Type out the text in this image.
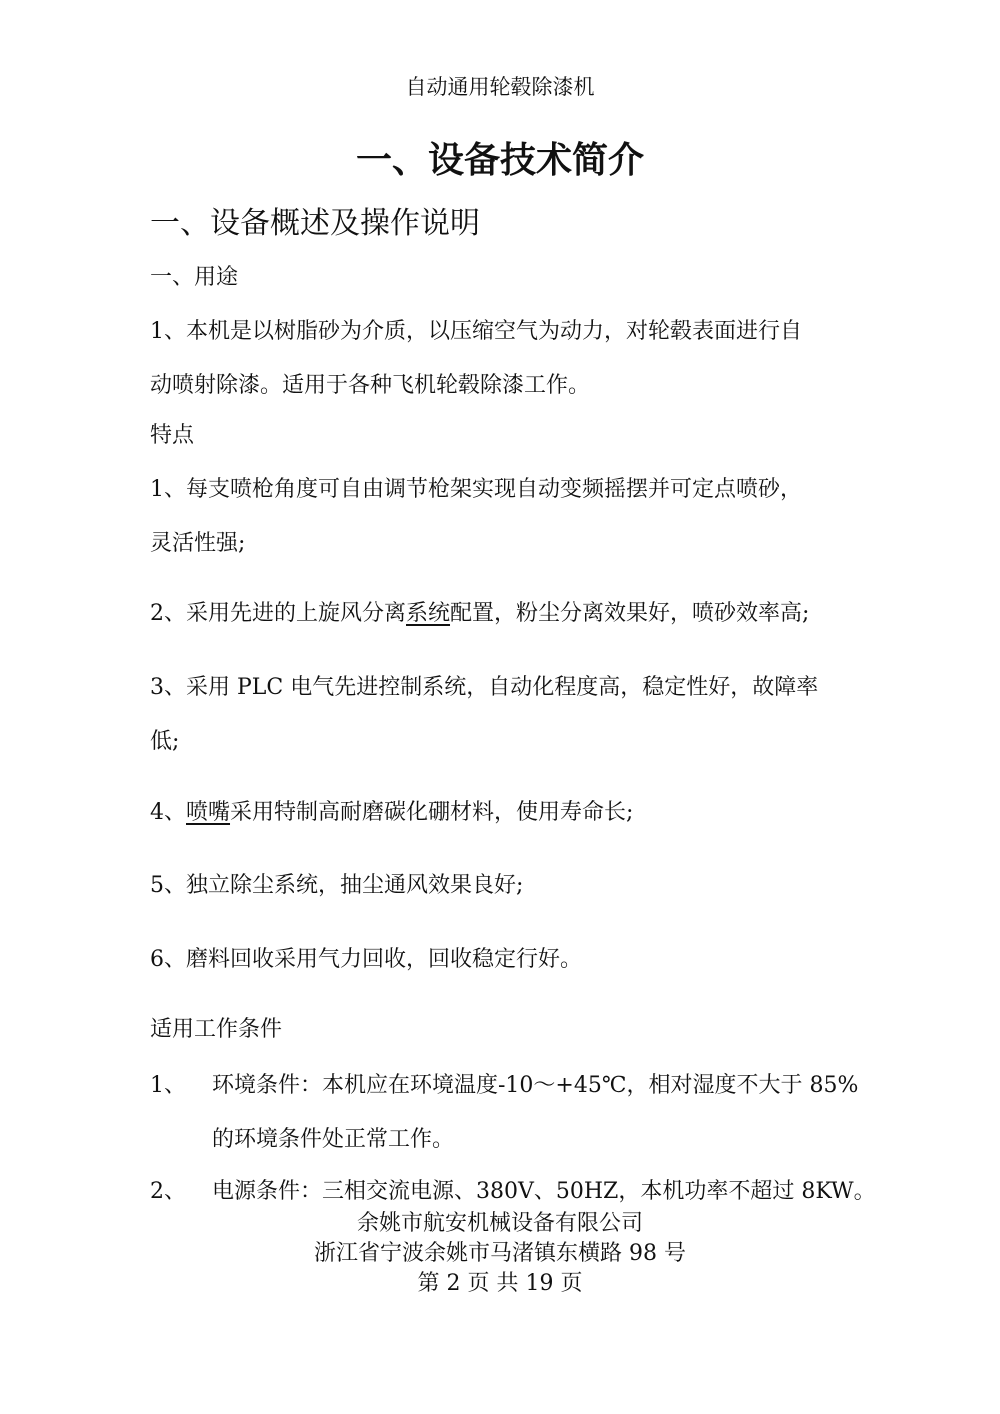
自动通用轮毂除漆机
一、设备技术简介
一、设备概述及操作说明
一、用途
1、本机是以树脂砂为介质，以压缩空气为动力，对轮毂表面进行自
动喷射除漆。适用于各种飞机轮毂除漆工作。
特点
1、每支喷枪角度可自由调节枪架实现自动变频摇摆并可定点喷砂，
灵活性强;
2、采用先进的上旋风分离系统配置，粉尘分离效果好，喷砂效率高;
3、采用 PLC 电气先进控制系统，自动化程度高，稳定性好，故障率
低;
4、喷嘴采用特制高耐磨碳化硼材料，使用寿命长;
5、独立除尘系统，抽尘通风效果良好;
6、磨料回收采用气力回收，回收稳定行好。
适用工作条件
1、 环境条件：本机应在环境温度-10～+45℃，相对湿度不大于 85%
的环境条件处正常工作。
2、 电源条件：三相交流电源、380V、50HZ，本机功率不超过 8KW。
余姚市航安机械设备有限公司
浙江省宁波余姚市马渚镇东横路 98 号
第 2 页 共 19 页
